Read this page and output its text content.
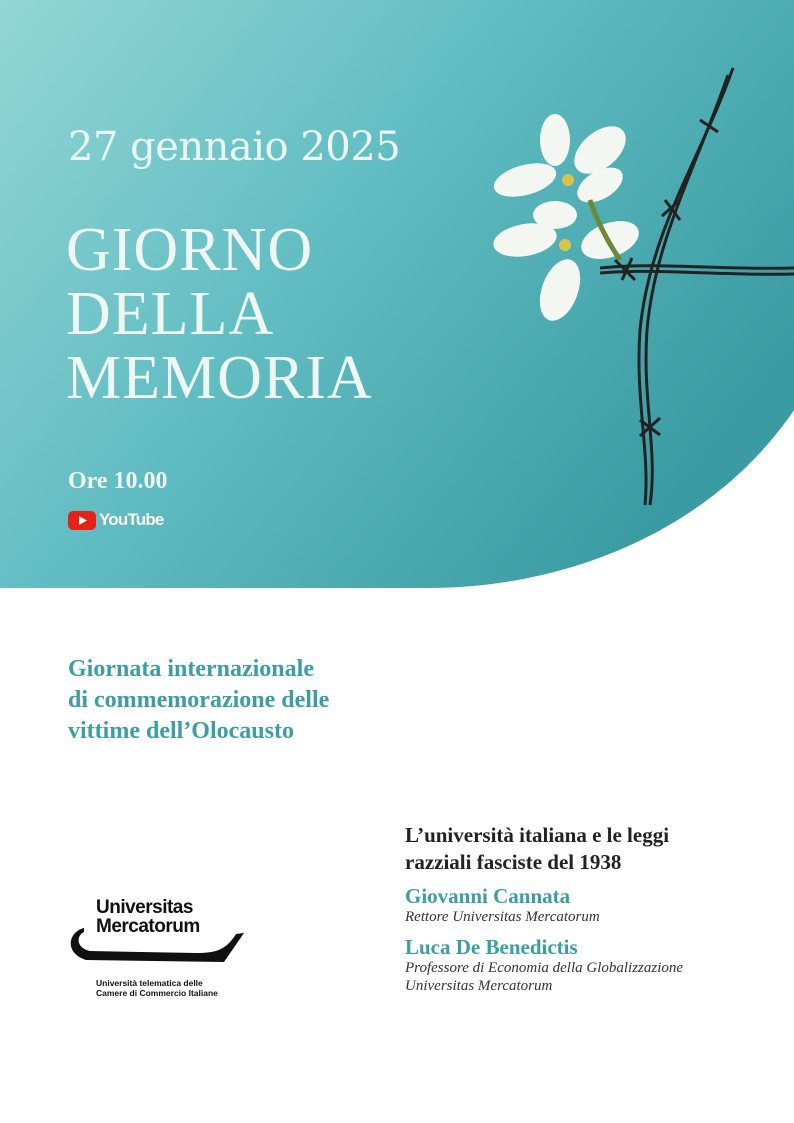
27 gennaio 2025
GIORNO
DELLA
MEMORIA
Ore 10.00
YouTube
Giornata internazionale
di commemorazione delle
vittime dell’Olocausto
L’università italiana e le leggi
razziali fasciste del 1938
Giovanni Cannata
Rettore Universitas Mercatorum
Luca De Benedictis
Professore di Economia della Globalizzazione
Universitas Mercatorum
Universitas
Mercatorum
Università telematica delle
Camere di Commercio Italiane
